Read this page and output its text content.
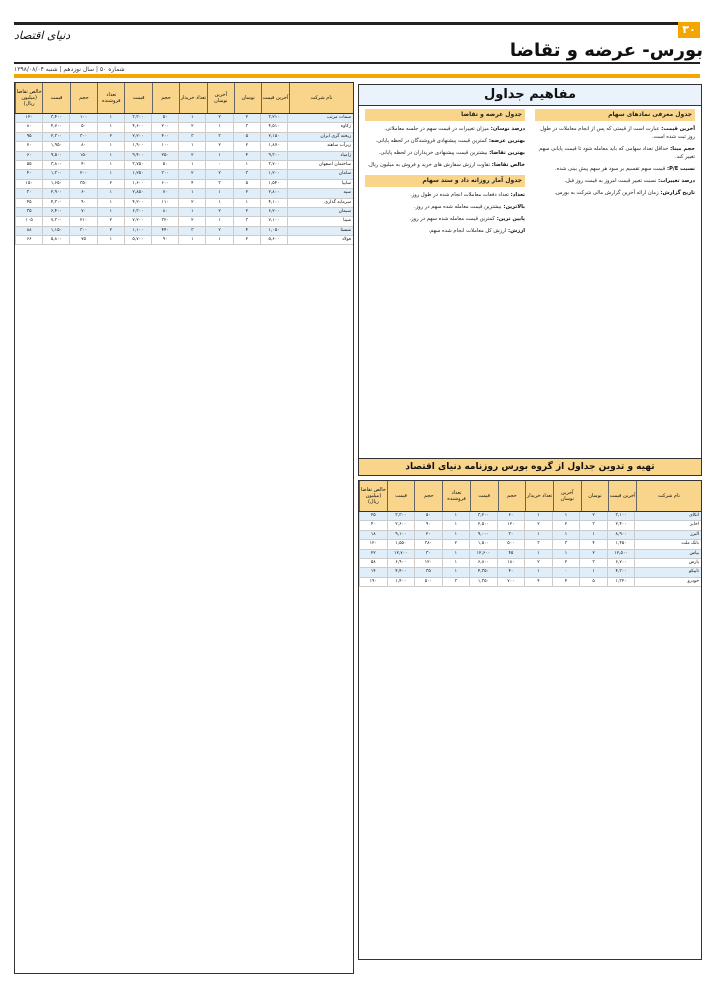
۳۰
دنیای اقتصاد
بورس- عرضه و تقاضا
شماره ۵۰ | سال نوزدهم | شنبه ۱۳۹۸/۰۸/۰۴
نام شرکت
آخرین قیمت
نوسان
آخرین نوسان
تعداد خریدار
حجم
قیمت
تعداد فروشنده
حجم
قیمت
خالص تقاضا (میلیون ریال)
سمات مرتب
۳,۲۱۰
۲
۲
۱
۵۰
۳,۳۰۰
۱
۱۰۰
۳,۴۰۰
۱۲۰
زکاوه
۴,۵۱۰
۳
۱
۲
۲۰۰
۴,۶۰۰
۱
۵۰
۴,۷۰۰
۸۰
ریخته گری ایران
۲,۱۵۰
۵
۳
۳
۴۰۰
۲,۲۰۰
۲
۳۰۰
۲,۳۰۰
۹۵
زیرآب ساهتد
۱,۸۷۰
۲
۲
۱
۱۰۰
۱,۹۰۰
۱
۸۰
۱,۹۵۰
۷۰
زامیاد
۹,۳۰۰
۴
۱
۲
۲۵۰
۹,۴۰۰
۱
۱۵۰
۹,۵۰۰
۶۰
ساختمان اصفهان
۳,۷۰۰
۱
۰
۱
۵۰
۳,۷۵۰
۱
۴۰
۳,۸۰۰
۵۵
سامان
۱,۲۰۰
۳
۲
۲
۳۰۰
۱,۲۵۰
۱
۲۰۰
۱,۳۰۰
۴۰
سایپا
۱,۵۴۰
۵
۳
۴
۶۰۰
۱,۶۰۰
۲
۳۵۰
۱,۶۵۰
۱۵۰
سپه
۲,۸۰۰
۲
۱
۱
۷۰
۲,۸۵۰
۱
۶۰
۲,۹۰۰
۳۰
سرمایه گذاری
۴,۱۰۰
۱
۱
۲
۱۱۰
۴,۲۰۰
۱
۹۰
۴,۳۰۰
۴۵
سیمان
۶,۲۰۰
۲
۲
۱
۸۰
۶,۳۰۰
۱
۷۰
۶,۴۰۰
۳۵
شپنا
۷,۱۰۰
۳
۱
۲
۳۲۰
۷,۲۰۰
۲
۲۱۰
۷,۳۰۰
۱۰۵
شستا
۱,۰۵۰
۴
۲
۳
۴۴۰
۱,۱۰۰
۲
۳۰۰
۱,۱۵۰
۸۸
فولاد
۵,۶۰۰
۲
۱
۱
۹۰
۵,۷۰۰
۱
۷۵
۵,۸۰۰
۶۶
مفاهیم جداول
جدول معرفی نمادهای سهام

آخرین قیمت: عبارت است از قیمتی که پس از انجام معاملات در طول روز ثبت شده است.

حجم مبنا: حداقل تعداد سهامی که باید معامله شود تا قیمت پایانی سهم تغییر کند.

نسبت P/E: قیمت سهم تقسیم بر سود هر سهم پیش بینی شده.

درصد تغییرات: نسبت تغییر قیمت امروز به قیمت روز قبل.

تاریخ گزارش: زمان ارائه آخرین گزارش مالی شرکت به بورس.

جدول عرضه و تقاضا

درصد نوسان: میزان تغییرات در قیمت سهم در جلسه معاملاتی.

بهترین عرضه: کمترین قیمت پیشنهادی فروشندگان در لحظه پایانی.

بهترین تقاضا: بیشترین قیمت پیشنهادی خریداران در لحظه پایانی.

خالص تقاضا: تفاوت ارزش سفارش های خرید و فروش به میلیون ریال.

جدول آمار روزانه داد و ستد سهام

تعداد: تعداد دفعات معاملات انجام شده در طول روز.

بالاترین: بیشترین قیمت معامله شده سهم در روز.

پایین ترین: کمترین قیمت معامله شده سهم در روز.

ارزش: ارزش کل معاملات انجام شده سهم.

تهیه و تدوین جداول از گروه بورس روزنامه دنیای اقتصاد
نام شرکت
آخرین قیمت
نوسان
آخرین نوسان
تعداد خریدار
حجم
قیمت
تعداد فروشنده
حجم
قیمت
خالص تقاضا (میلیون ریال)
اتکای
۳,۱۰۰
۲
۱
۱
۶۰
۳,۲۰۰
۱
۵۰
۳,۳۰۰
۲۵
اخابر
۲,۴۰۰
۳
۲
۲
۱۲۰
۲,۵۰۰
۱
۹۰
۲,۶۰۰
۴۰
البرز
۸,۹۰۰
۱
۱
۱
۳۰
۹,۰۰۰
۱
۲۰
۹,۱۰۰
۱۸
بانک ملت
۱,۴۵۰
۴
۳
۳
۵۰۰
۱,۵۰۰
۲
۳۸۰
۱,۵۵۰
۱۲۰
بپاس
۱۲,۵۰۰
۲
۱
۱
۴۵
۱۲,۶۰۰
۱
۳۰
۱۲,۷۰۰
۲۲
پارس
۶,۷۰۰
۳
۲
۲
۱۸۰
۶,۸۰۰
۱
۱۲۰
۶,۹۰۰
۵۸
تاپیکو
۴,۳۰۰
۱
۰
۱
۴۰
۴,۳۵۰
۱
۳۵
۴,۴۰۰
۱۴
خودرو
۱,۳۲۰
۵
۴
۴
۷۰۰
۱,۳۵۰
۳
۵۰۰
۱,۴۰۰
۱۹۰
